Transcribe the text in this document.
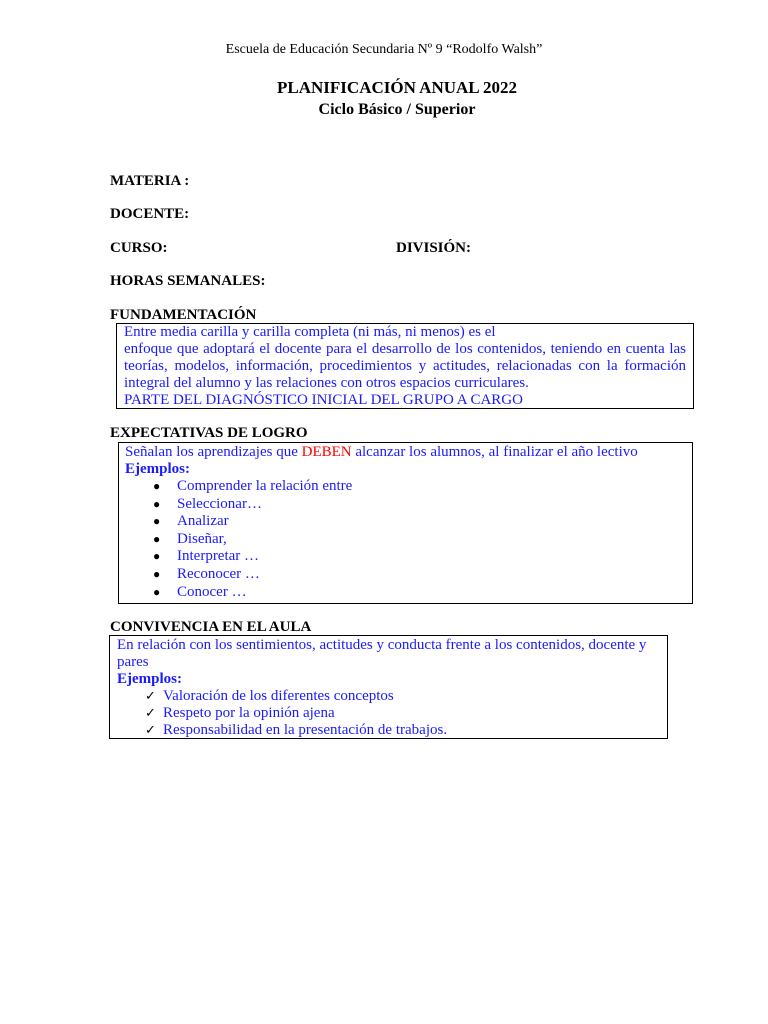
Escuela de Educación Secundaria Nº 9 “Rodolfo Walsh”
PLANIFICACIÓN ANUAL 2022
Ciclo Básico / Superior
MATERIA :
DOCENTE:
CURSO:	DIVISIÓN:
HORAS SEMANALES:
FUNDAMENTACIÓN

Entre media carilla y carilla completa (ni más, ni menos) es el

enfoque que adoptará el docente para el desarrollo de los contenidos, teniendo en cuenta las teorías, modelos, información, procedimientos y actitudes, relacionadas con la formación integral del alumno y las relaciones con otros espacios curriculares.

PARTE DEL DIAGNÓSTICO INICIAL DEL GRUPO A CARGO

EXPECTATIVAS DE LOGRO

Señalan los aprendizajes que DEBEN alcanzar los alumnos, al finalizar el año lectivo

Ejemplos:

● Comprender la relación entre
● Seleccionar…
● Analizar
● Diseñar,
● Interpretar …
● Reconocer …
● Conocer …
CONVIVENCIA EN EL AULA

En relación con los sentimientos, actitudes y conducta frente a los contenidos, docente y pares

Ejemplos:

✓ Valoración de los diferentes conceptos
✓ Respeto por la opinión ajena
✓ Responsabilidad en la presentación de trabajos.
